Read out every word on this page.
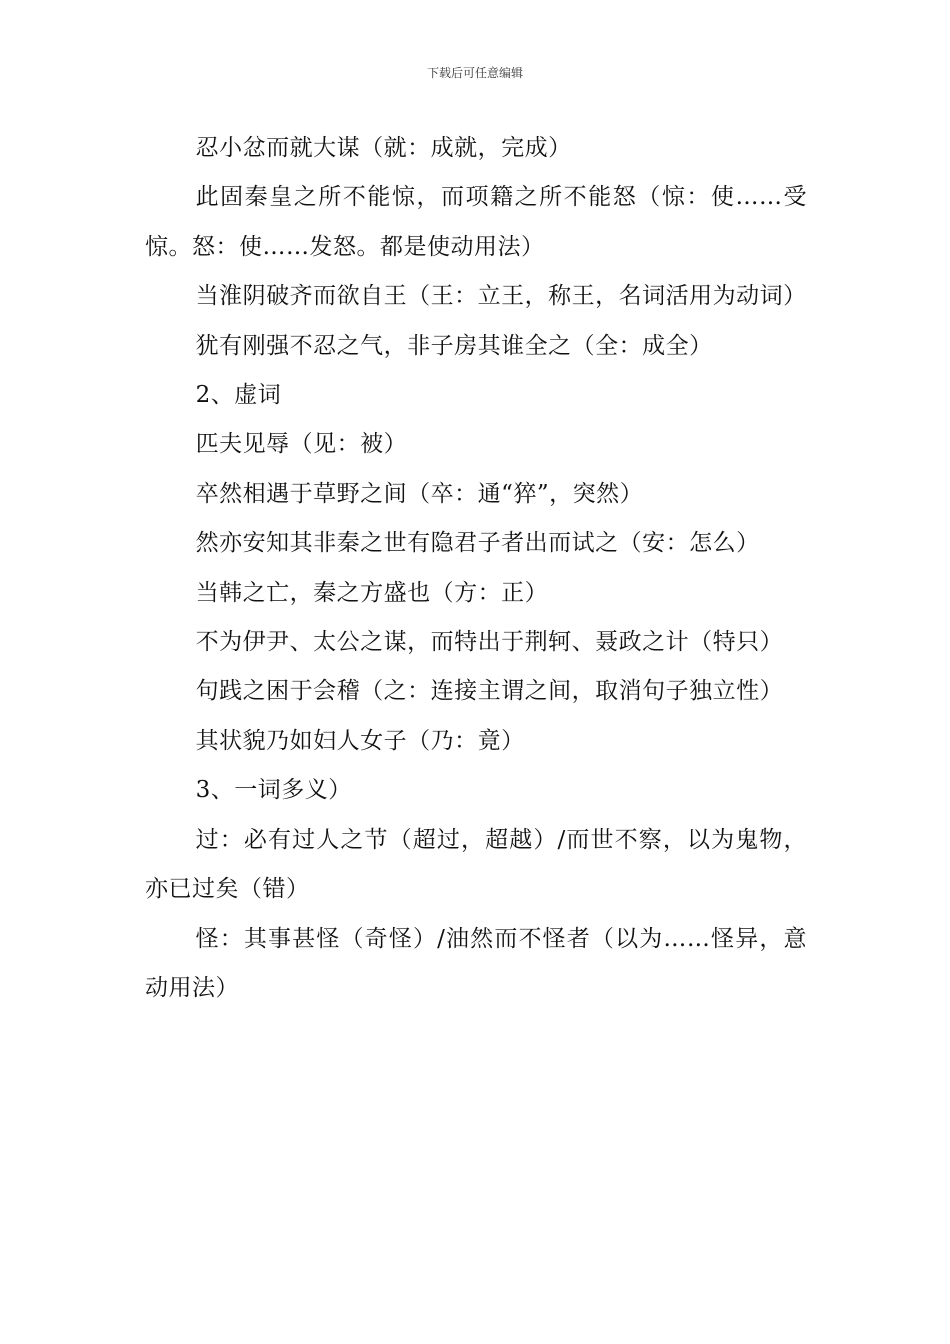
下载后可任意编辑

忍小忿而就大谋（就：成就，完成）

此固秦皇之所不能惊，而项籍之所不能怒（惊：使……受惊。怒：使……发怒。都是使动用法）

当淮阴破齐而欲自王（王：立王，称王，名词活用为动词）

犹有刚强不忍之气，非子房其谁全之（全：成全）

2、虚词

匹夫见辱（见：被）

卒然相遇于草野之间（卒：通“猝”，突然）

然亦安知其非秦之世有隐君子者出而试之（安：怎么）

当韩之亡，秦之方盛也（方：正）

不为伊尹、太公之谋，而特出于荆轲、聂政之计（特只）

句践之困于会稽（之：连接主谓之间，取消句子独立性）

其状貌乃如妇人女子（乃：竟）

3、一词多义）

过：必有过人之节（超过，超越）/而世不察，以为鬼物，亦已过矣（错）

怪：其事甚怪（奇怪）/油然而不怪者（以为……怪异，意动用法）
